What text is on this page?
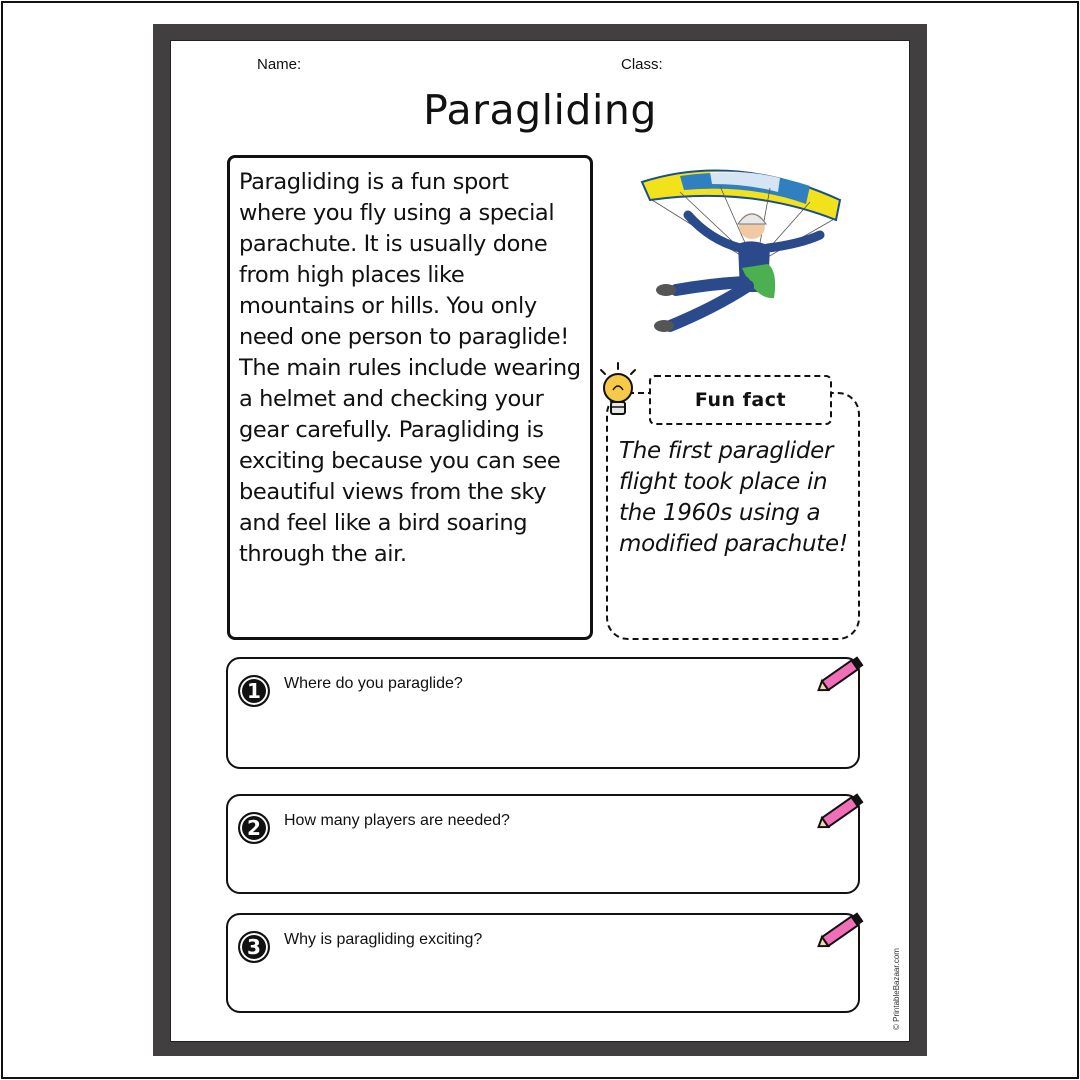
Name:	Class:
Paragliding

Paragliding is a fun sport where you fly using a special parachute. It is usually done from high places like mountains or hills. You only need one person to paraglide! The main rules include wearing a helmet and checking your gear carefully. Paragliding is exciting because you can see beautiful views from the sky and feel like a bird soaring through the air.

Fun fact
The first paraglider flight took place in the 1960s using a modified parachute!
1	Where do you paraglide?
2	How many players are needed?
3	Why is paragliding exciting?
© PrintableBazaar.com
